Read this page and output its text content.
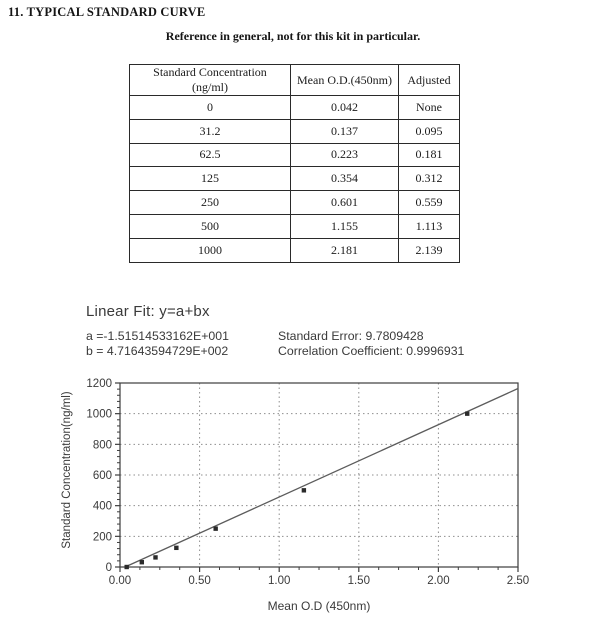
11. TYPICAL STANDARD CURVE
Reference in general, not for this kit in particular.
Standard Concentration (ng/ml)	Mean O.D.(450nm)	Adjusted
0	0.042	None
31.2	0.137	0.095
62.5	0.223	0.181
125	0.354	0.312
250	0.601	0.559
500	1.155	1.113
1000	2.181	2.139
Linear Fit: y=a+bx
a =-1.51514533162E+001	Standard Error: 9.7809428
b = 4.71643594729E+002	Correlation Coefficient: 0.9996931
0
200
400
600
800
1000
1200
0.00	0.50	1.00	1.50	2.00	2.50
Standard Concentration(ng/ml)
Mean O.D (450nm)
